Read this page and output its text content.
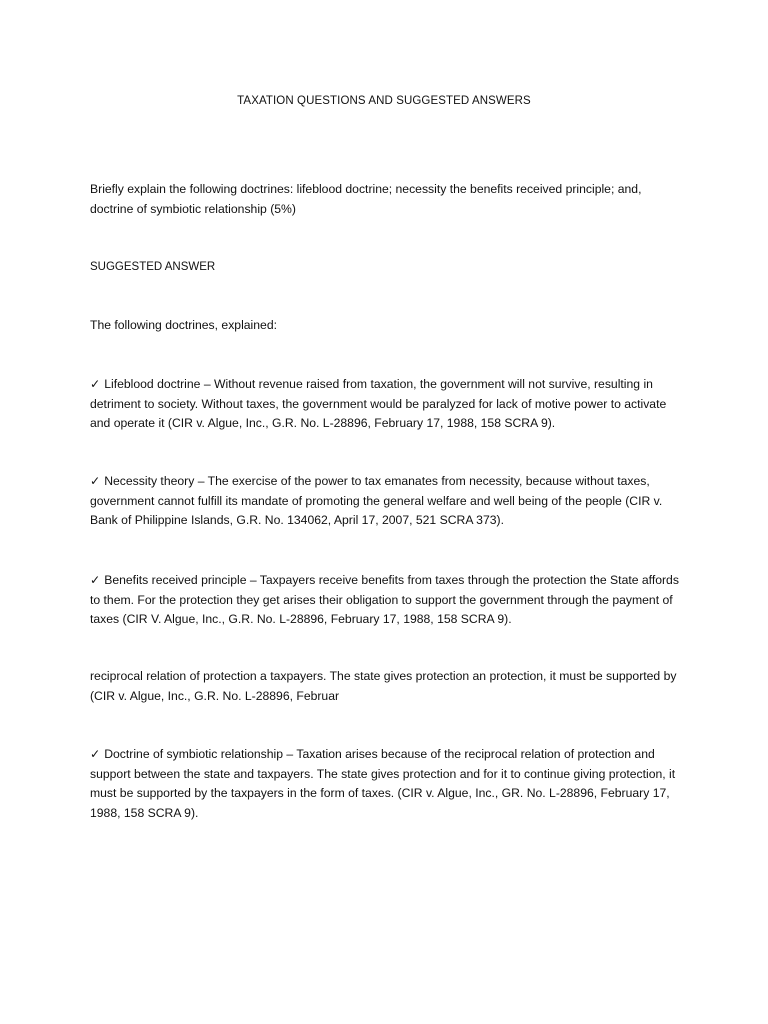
TAXATION QUESTIONS AND SUGGESTED ANSWERS

Briefly explain the following doctrines: lifeblood doctrine; necessity the benefits received principle; and, doctrine of symbiotic relationship (5%)

SUGGESTED ANSWER

The following doctrines, explained:

✓ Lifeblood doctrine – Without revenue raised from taxation, the government will not survive, resulting in detriment to society. Without taxes, the government would be paralyzed for lack of motive power to activate and operate it (CIR v. Algue, Inc., G.R. No. L-28896, February 17, 1988, 158 SCRA 9).

✓ Necessity theory – The exercise of the power to tax emanates from necessity, because without taxes, government cannot fulfill its mandate of promoting the general welfare and well being of the people (CIR v. Bank of Philippine Islands, G.R. No. 134062, April 17, 2007, 521 SCRA 373).

✓ Benefits received principle – Taxpayers receive benefits from taxes through the protection the State affords to them. For the protection they get arises their obligation to support the government through the payment of taxes (CIR V. Algue, Inc., G.R. No. L-28896, February 17, 1988, 158 SCRA 9).

reciprocal relation of protection a taxpayers. The state gives protection an protection, it must be supported by (CIR v. Algue, Inc., G.R. No. L-28896, Februar

✓ Doctrine of symbiotic relationship – Taxation arises because of the reciprocal relation of protection and support between the state and taxpayers. The state gives protection and for it to continue giving protection, it must be supported by the taxpayers in the form of taxes. (CIR v. Algue, Inc., GR. No. L-28896, February 17, 1988, 158 SCRA 9).
